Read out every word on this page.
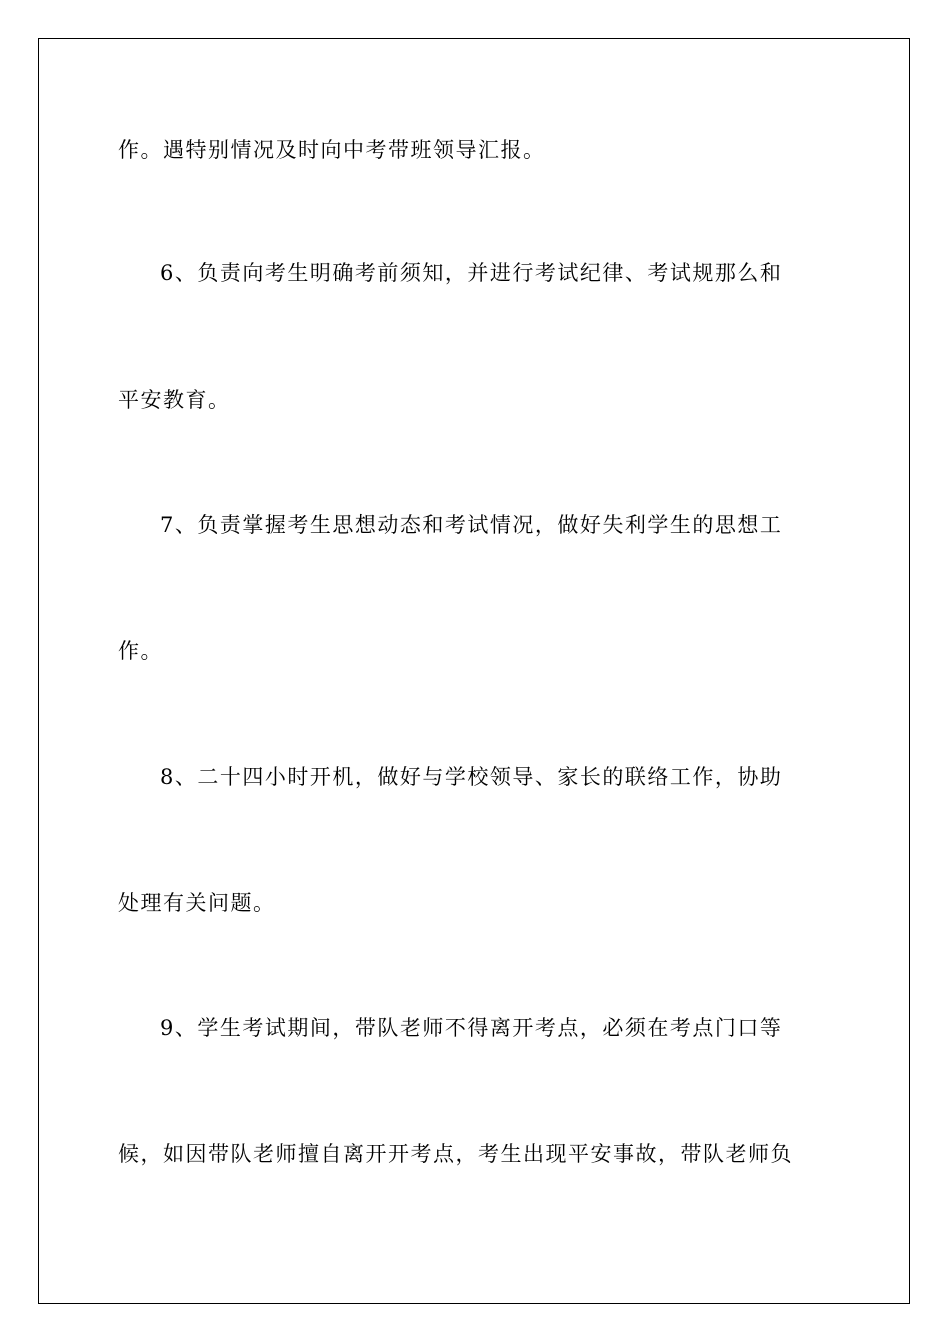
作。遇特别情况及时向中考带班领导汇报。
6、负责向考生明确考前须知，并进行考试纪律、考试规那么和
平安教育。
7、负责掌握考生思想动态和考试情况，做好失利学生的思想工
作。
8、二十四小时开机，做好与学校领导、家长的联络工作，协助
处理有关问题。
9、学生考试期间，带队老师不得离开考点，必须在考点门口等
候，如因带队老师擅自离开开考点，考生出现平安事故，带队老师负
